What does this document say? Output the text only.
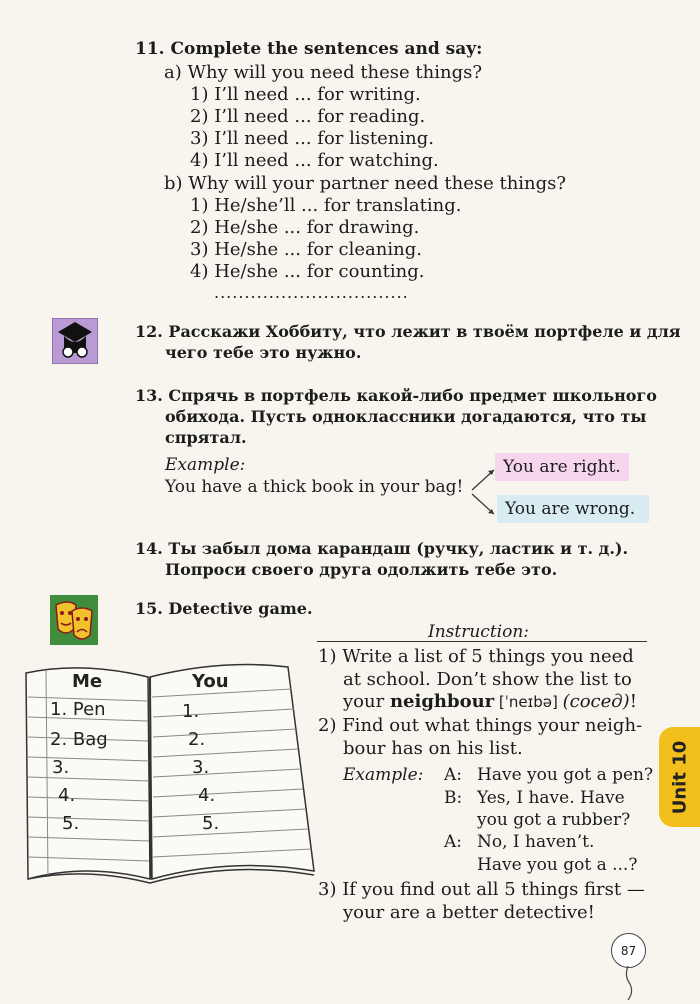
11. Complete the sentences and say:
a) Why will you need these things?
1) I’ll need ... for writing.
2) I’ll need ... for reading.
3) I’ll need ... for listening.
4) I’ll need ... for watching.
b) Why will your partner need these things?
1) He/she’ll ... for translating.
2) He/she ... for drawing.
3) He/she ... for cleaning.
4) He/she ... for counting.
................................
12. Расскажи Хоббиту, что лежит в твоём портфеле и для
чего тебе это нужно.
13. Спрячь в портфель какой-либо предмет школьного
обихода. Пусть одноклассники догадаются, что ты
спрятал.
Example:
You have a thick book in your bag!
You are right.
You are wrong.
14. Ты забыл дома карандаш (ручку, ластик и т. д.).
Попроси своего друга одолжить тебе это.
15. Detective game.
Instruction:
1) Write a list of 5 things you need
at school. Don’t show the list to
your neighbour [ˈneɪbə] (сосед)!
2) Find out what things your neigh-
bour has on his list.
Example: A: Have you got a pen?
B: Yes, I have. Have
you got a rubber?
A: No, I haven’t.
Have you got a ...?
3) If you find out all 5 things first —
your are a better detective!
Me	You
1. Pen
2. Bag
3.
4.
5.
1.
2.
3.
4.
5.
Unit 10
87
